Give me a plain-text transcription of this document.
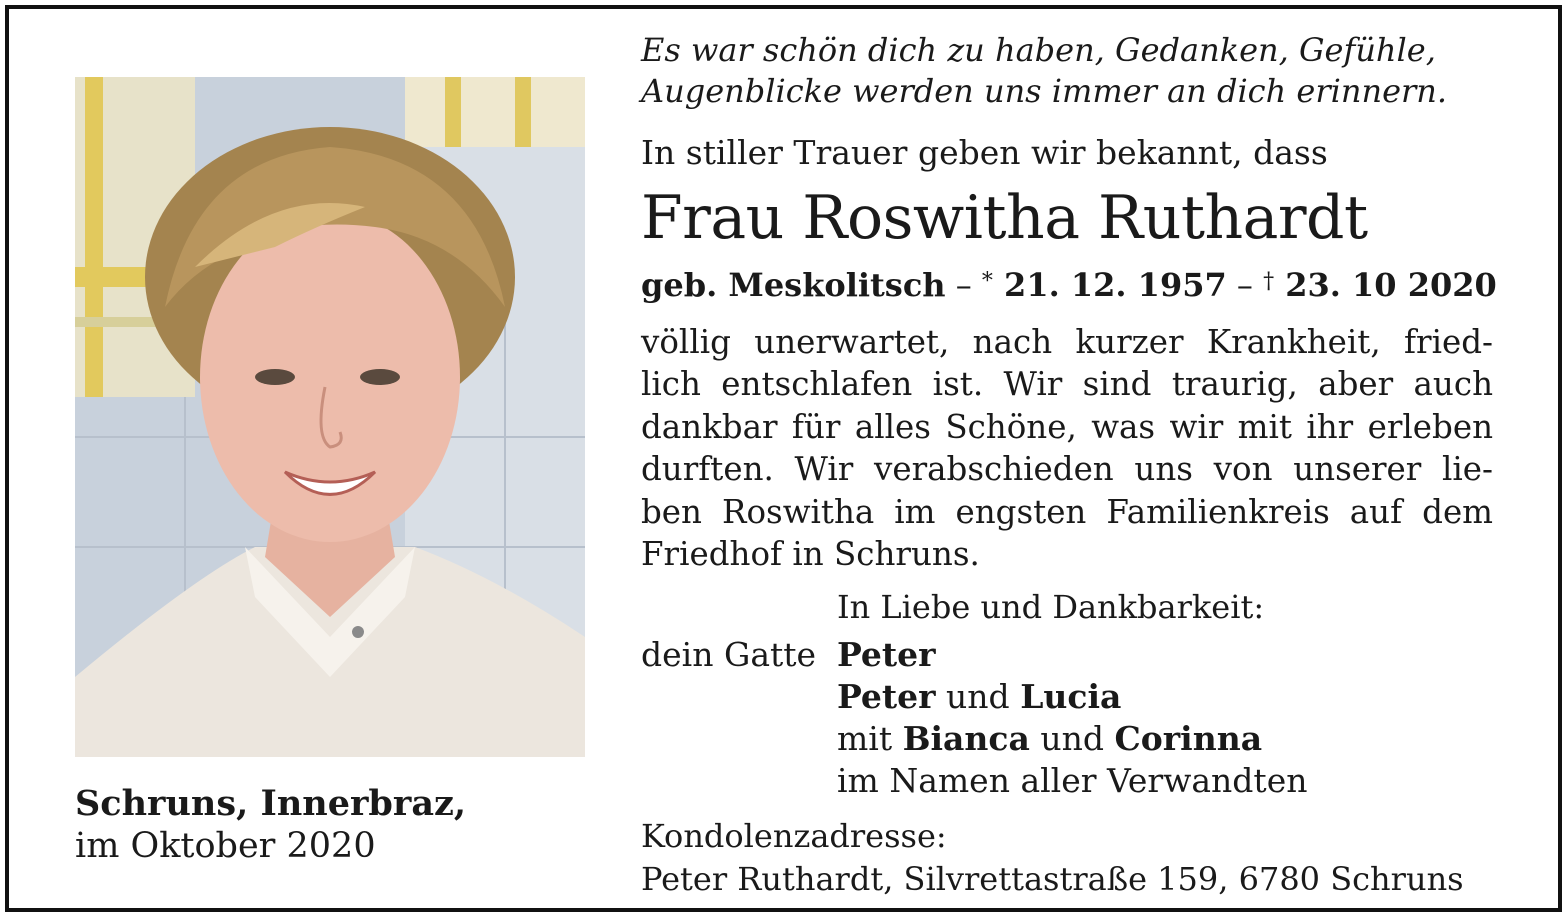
Schruns, Innerbraz,
im Oktober 2020
Es war schön dich zu haben, Gedanken, Gefühle,
Augenblicke werden uns immer an dich erinnern.
In stiller Trauer geben wir bekannt, dass
Frau Roswitha Ruthardt
geb. Meskolitsch – * 21. 12. 1957 – † 23. 10 2020
völlig unerwartet, nach kurzer Krankheit, fried-
lich entschlafen ist. Wir sind traurig, aber auch
dankbar für alles Schöne, was wir mit ihr erleben
durften. Wir verabschieden uns von unserer lie-
ben Roswitha im engsten Familienkreis auf dem
Friedhof in Schruns.
In Liebe und Dankbarkeit:
dein Gatte Peter
Peter und Lucia
mit Bianca und Corinna
im Namen aller Verwandten
Kondolenzadresse:
Peter Ruthardt, Silvrettastraße 159, 6780 Schruns
